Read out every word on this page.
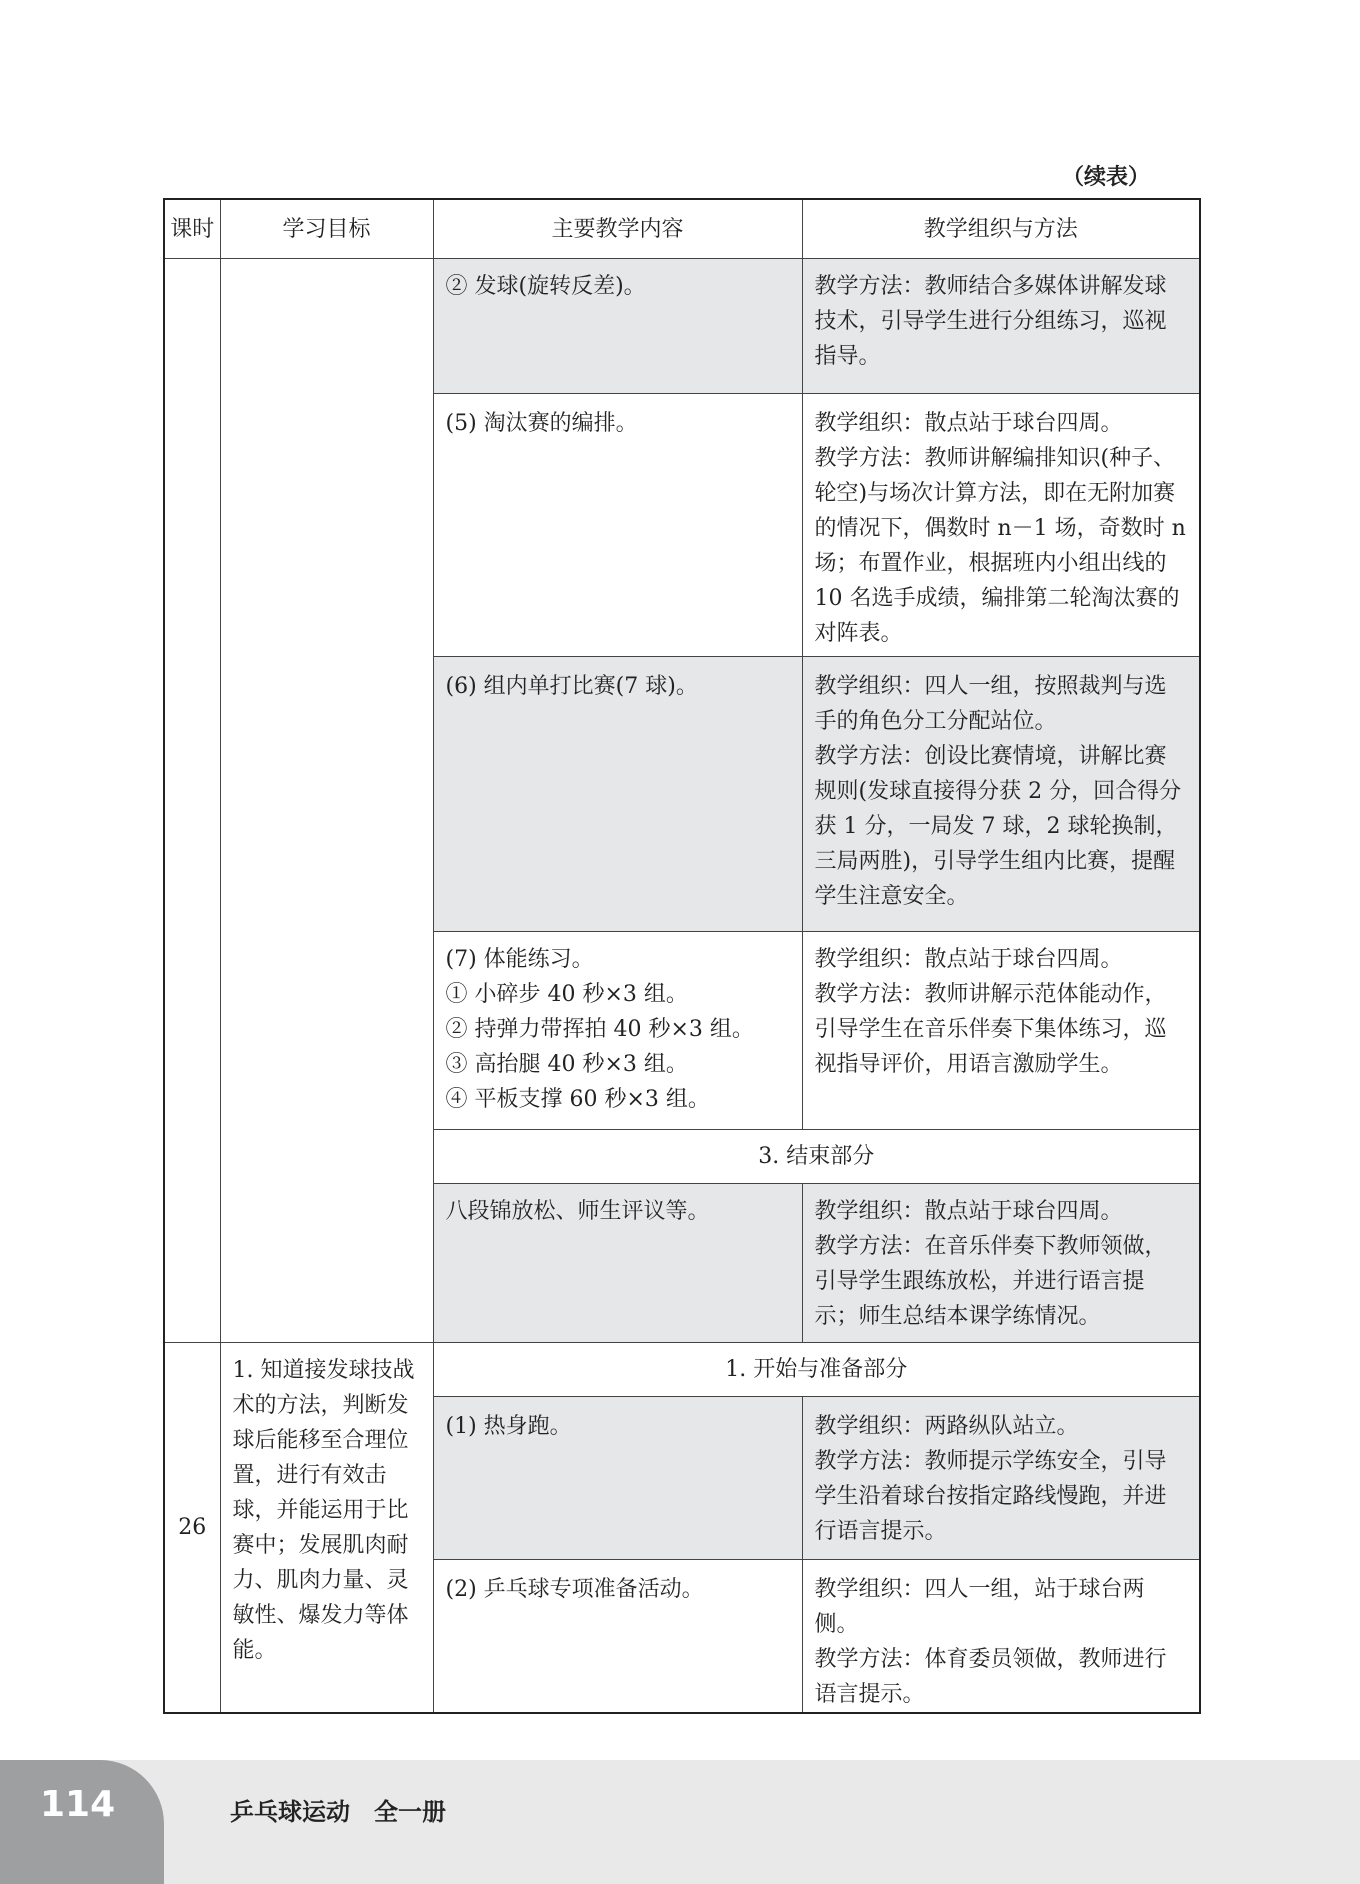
（续表）
课时	学习目标	主要教学内容	教学组织与方法
		② 发球(旋转反差)。	教学方法：教师结合多媒体讲解发球技术，引导学生进行分组练习，巡视指导。
		(5) 淘汰赛的编排。	教学组织：散点站于球台四周。
教学方法：教师讲解编排知识(种子、轮空)与场次计算方法，即在无附加赛的情况下，偶数时 n－1 场，奇数时 n 场；布置作业，根据班内小组出线的 10 名选手成绩，编排第二轮淘汰赛的对阵表。
		(6) 组内单打比赛(7 球)。	教学组织：四人一组，按照裁判与选手的角色分工分配站位。
教学方法：创设比赛情境，讲解比赛规则(发球直接得分获 2 分，回合得分获 1 分，一局发 7 球，2 球轮换制，三局两胜)，引导学生组内比赛，提醒学生注意安全。
		(7) 体能练习。
① 小碎步 40 秒×3 组。
② 持弹力带挥拍 40 秒×3 组。
③ 高抬腿 40 秒×3 组。
④ 平板支撑 60 秒×3 组。	教学组织：散点站于球台四周。
教学方法：教师讲解示范体能动作，引导学生在音乐伴奏下集体练习，巡视指导评价，用语言激励学生。
		3. 结束部分	
		八段锦放松、师生评议等。	教学组织：散点站于球台四周。
教学方法：在音乐伴奏下教师领做，引导学生跟练放松，并进行语言提示；师生总结本课学练情况。
26	1. 知道接发球技战术的方法，判断发球后能移至合理位置，进行有效击球，并能运用于比赛中；发展肌肉耐力、肌肉力量、灵敏性、爆发力等体能。	1. 开始与准备部分	
		(1) 热身跑。	教学组织：两路纵队站立。
教学方法：教师提示学练安全，引导学生沿着球台按指定路线慢跑，并进行语言提示。
		(2) 乒乓球专项准备活动。	教学组织：四人一组，站于球台两侧。
教学方法：体育委员领做，教师进行语言提示。
114	乒乓球运动　全一册
